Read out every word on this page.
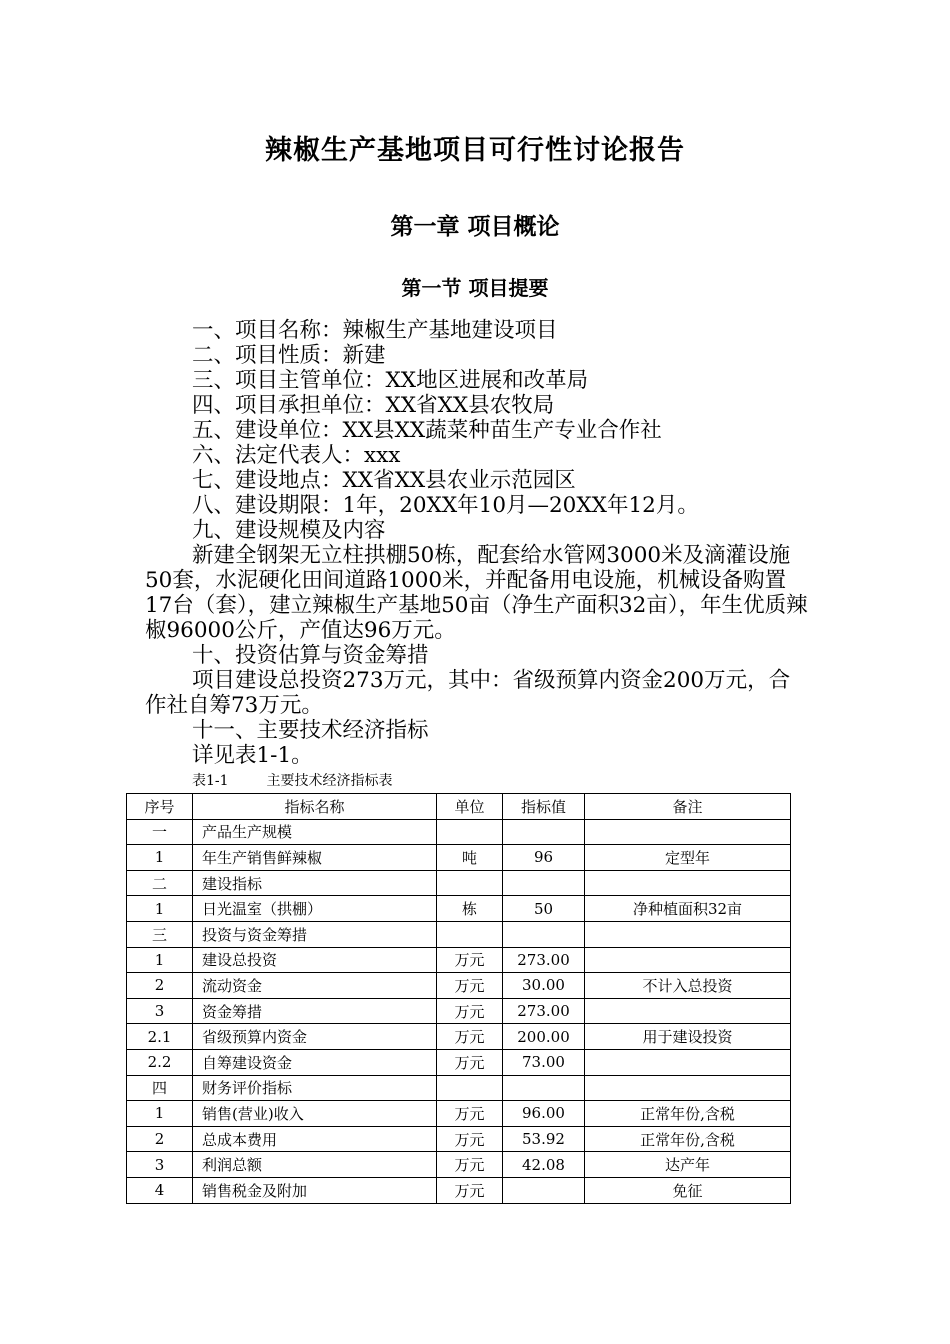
辣椒生产基地项目可行性讨论报告
第一章 项目概论
第一节 项目提要

一、项目名称：辣椒生产基地建设项目

二、项目性质：新建

三、项目主管单位：XX地区进展和改革局

四、项目承担单位：XX省XX县农牧局

五、建设单位：XX县XX蔬菜种苗生产专业合作社

六、法定代表人：xxx

七、建设地点：XX省XX县农业示范园区

八、建设期限：1年，20XX年10月—20XX年12月。

九、建设规模及内容

新建全钢架无立柱拱棚50栋，配套给水管网3000米及滴灌设施50套，水泥硬化田间道路1000米，并配备用电设施，机械设备购置17台（套），建立辣椒生产基地50亩（净生产面积32亩），年生优质辣椒96000公斤，产值达96万元。

十、投资估算与资金筹措

项目建设总投资273万元，其中：省级预算内资金200万元，合作社自筹73万元。

十一、主要技术经济指标

详见表1-1。

表1-1	主要技术经济指标表
序号	指标名称	单位	指标值	备注
一	产品生产规模			
1	年生产销售鲜辣椒	吨	96	定型年
二	建设指标			
1	日光温室（拱棚）	栋	50	净种植面积32亩
三	投资与资金筹措			
1	建设总投资	万元	273.00	
2	流动资金	万元	30.00	不计入总投资
3	资金筹措	万元	273.00	
2.1	省级预算内资金	万元	200.00	用于建设投资
2.2	自筹建设资金	万元	73.00	
四	财务评价指标			
1	销售(营业)收入	万元	96.00	正常年份,含税
2	总成本费用	万元	53.92	正常年份,含税
3	利润总额	万元	42.08	达产年
4	销售税金及附加	万元		免征
